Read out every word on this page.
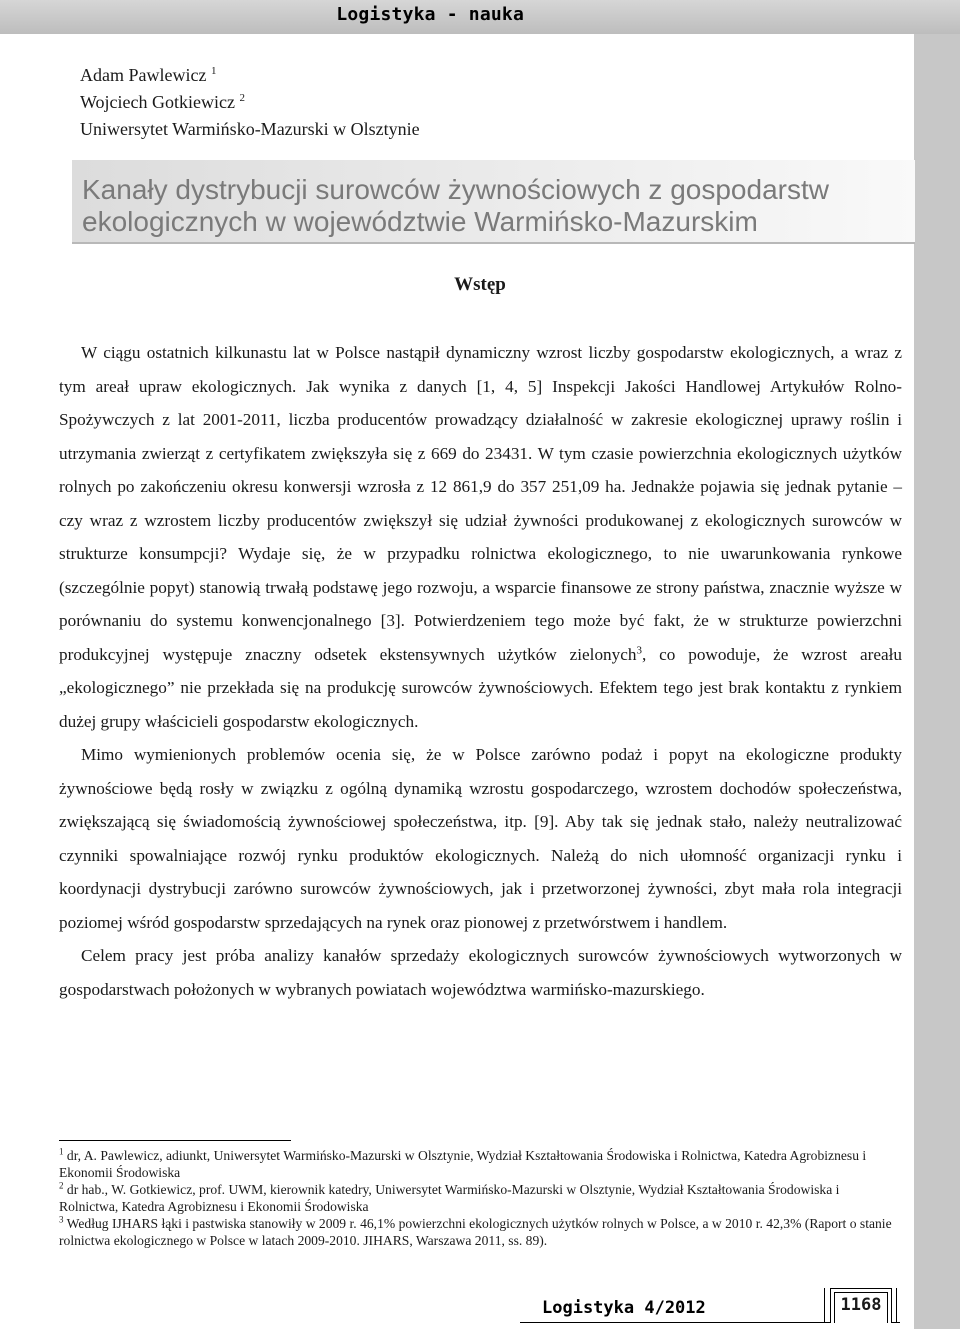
Logistyka - nauka
Adam Pawlewicz $^1$
Wojciech Gotkiewicz $^2$
Uniwersytet Warmińsko-Mazurski w Olsztynie
Kanały dystrybucji surowców żywnościowych z gospodarstw ekologicznych w województwie Warmińsko-Mazurskim
Wstęp

W ciągu ostatnich kilkunastu lat w Polsce nastąpił dynamiczny wzrost liczby gospodarstw ekologicznych, a wraz z tym areał upraw ekologicznych. Jak wynika z danych [1, 4, 5] Inspekcji Jakości Handlowej Artykułów Rolno-Spożywczych z lat 2001-2011, liczba producentów prowadzący działalność w zakresie ekologicznej uprawy roślin i utrzymania zwierząt z certyfikatem zwiększyła się z 669 do 23431. W tym czasie powierzchnia ekologicznych użytków rolnych po zakończeniu okresu konwersji wzrosła z 12 861,9 do 357 251,09 ha. Jednakże pojawia się jednak pytanie – czy wraz z wzrostem liczby producentów zwiększył się udział żywności produkowanej z ekologicznych surowców w strukturze konsumpcji? Wydaje się, że w przypadku rolnictwa ekologicznego, to nie uwarunkowania rynkowe (szczególnie popyt) stanowią trwałą podstawę jego rozwoju, a wsparcie finansowe ze strony państwa, znacznie wyższe w porównaniu do systemu konwencjonalnego [3]. Potwierdzeniem tego może być fakt, że w strukturze powierzchni produkcyjnej występuje znaczny odsetek ekstensywnych użytków zielonych$^3$, co powoduje, że wzrost areału „ekologicznego” nie przekłada się na produkcję surowców żywnościowych. Efektem tego jest brak kontaktu z rynkiem dużej grupy właścicieli gospodarstw ekologicznych.

Mimo wymienionych problemów ocenia się, że w Polsce zarówno podaż i popyt na ekologiczne produkty żywnościowe będą rosły w związku z ogólną dynamiką wzrostu gospodarczego, wzrostem dochodów społeczeństwa, zwiększającą się świadomością żywnościowej społeczeństwa, itp. [9]. Aby tak się jednak stało, należy neutralizować czynniki spowalniające rozwój rynku produktów ekologicznych. Należą do nich ułomność organizacji rynku i koordynacji dystrybucji zarówno surowców żywnościowych, jak i przetworzonej żywności, zbyt mała rola integracji poziomej wśród gospodarstw sprzedających na rynek oraz pionowej z przetwórstwem i handlem.

Celem pracy jest próba analizy kanałów sprzedaży ekologicznych surowców żywnościowych wytworzonych w gospodarstwach położonych w wybranych powiatach województwa warmińsko-mazurskiego.

$^1$ dr, A. Pawlewicz, adiunkt, Uniwersytet Warmińsko-Mazurski w Olsztynie, Wydział Kształtowania Środowiska i Rolnictwa, Katedra Agrobiznesu i Ekonomii Środowiska

$^2$ dr hab., W. Gotkiewicz, prof. UWM, kierownik katedry, Uniwersytet Warmińsko-Mazurski w Olsztynie, Wydział Kształtowania Środowiska i Rolnictwa, Katedra Agrobiznesu i Ekonomii Środowiska

$^3$ Według IJHARS łąki i pastwiska stanowiły w 2009 r. 46,1% powierzchni ekologicznych użytków rolnych w Polsce, a w 2010 r. 42,3% (Raport o stanie rolnictwa ekologicznego w Polsce w latach 2009-2010. JIHARS, Warszawa 2011, ss. 89).

Logistyka 4/2012	1168
